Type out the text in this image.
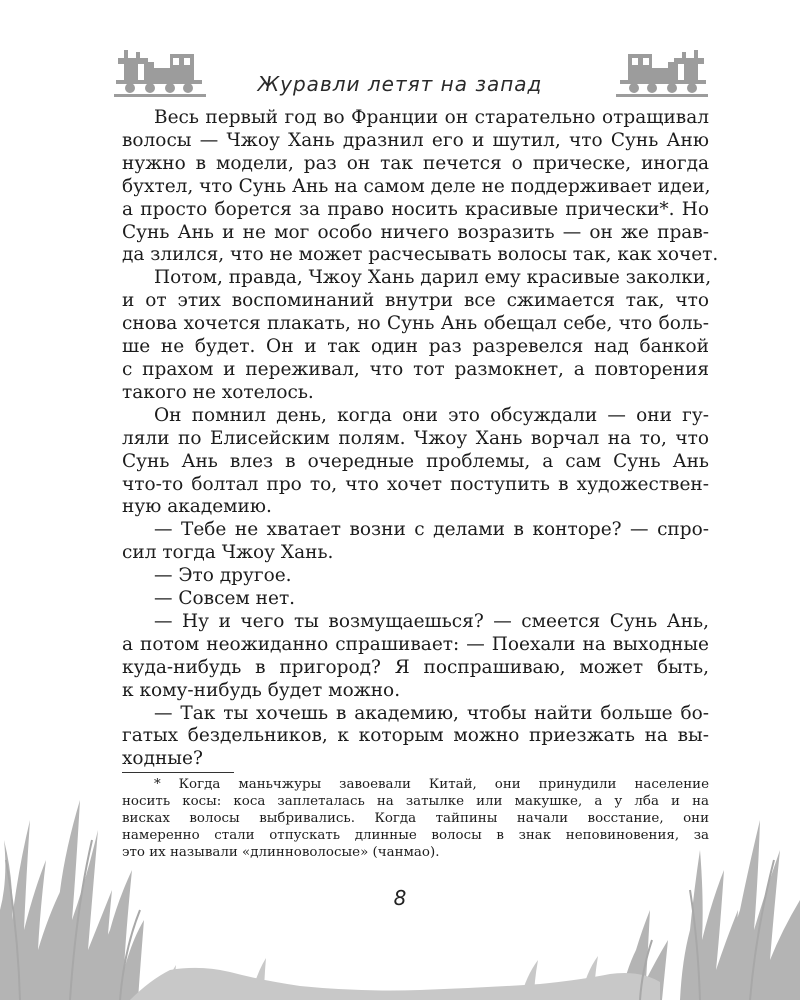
Журавли летят на запад

Весь первый год во Франции он старательно отращивал
волосы — Чжоу Хань дразнил его и шутил, что Сунь Аню
нужно в модели, раз он так печется о прическе, иногда
бухтел, что Сунь Ань на самом деле не поддерживает идеи,
а просто борется за право носить красивые прически*. Но
Сунь Ань и не мог особо ничего возразить — он же прав-
да злился, что не может расчесывать волосы так, как хочет.

Потом, правда, Чжоу Хань дарил ему красивые заколки,
и от этих воспоминаний внутри все сжимается так, что
снова хочется плакать, но Сунь Ань обещал себе, что боль-
ше не будет. Он и так один раз разревелся над банкой
с прахом и переживал, что тот размокнет, а повторения
такого не хотелось.

Он помнил день, когда они это обсуждали — они гу-
ляли по Елисейским полям. Чжоу Хань ворчал на то, что
Сунь Ань влез в очередные проблемы, а сам Сунь Ань
что-то болтал про то, что хочет поступить в художествен-
ную академию.

— Тебе не хватает возни с делами в конторе? — спро-
сил тогда Чжоу Хань.

— Это другое.

— Совсем нет.

— Ну и чего ты возмущаешься? — смеется Сунь Ань,
а потом неожиданно спрашивает: — Поехали на выходные
куда-нибудь в пригород? Я поспрашиваю, может быть,
к кому-нибудь будет можно.

— Так ты хочешь в академию, чтобы найти больше бо-
гатых бездельников, к которым можно приезжать на вы-
ходные?

* Когда маньчжуры завоевали Китай, они принудили население
носить косы: коса заплеталась на затылке или макушке, а у лба и на
висках волосы выбривались. Когда тайпины начали восстание, они
намеренно стали отпускать длинные волосы в знак неповиновения, за
это их называли «длинноволосые» (чанмао).
8
